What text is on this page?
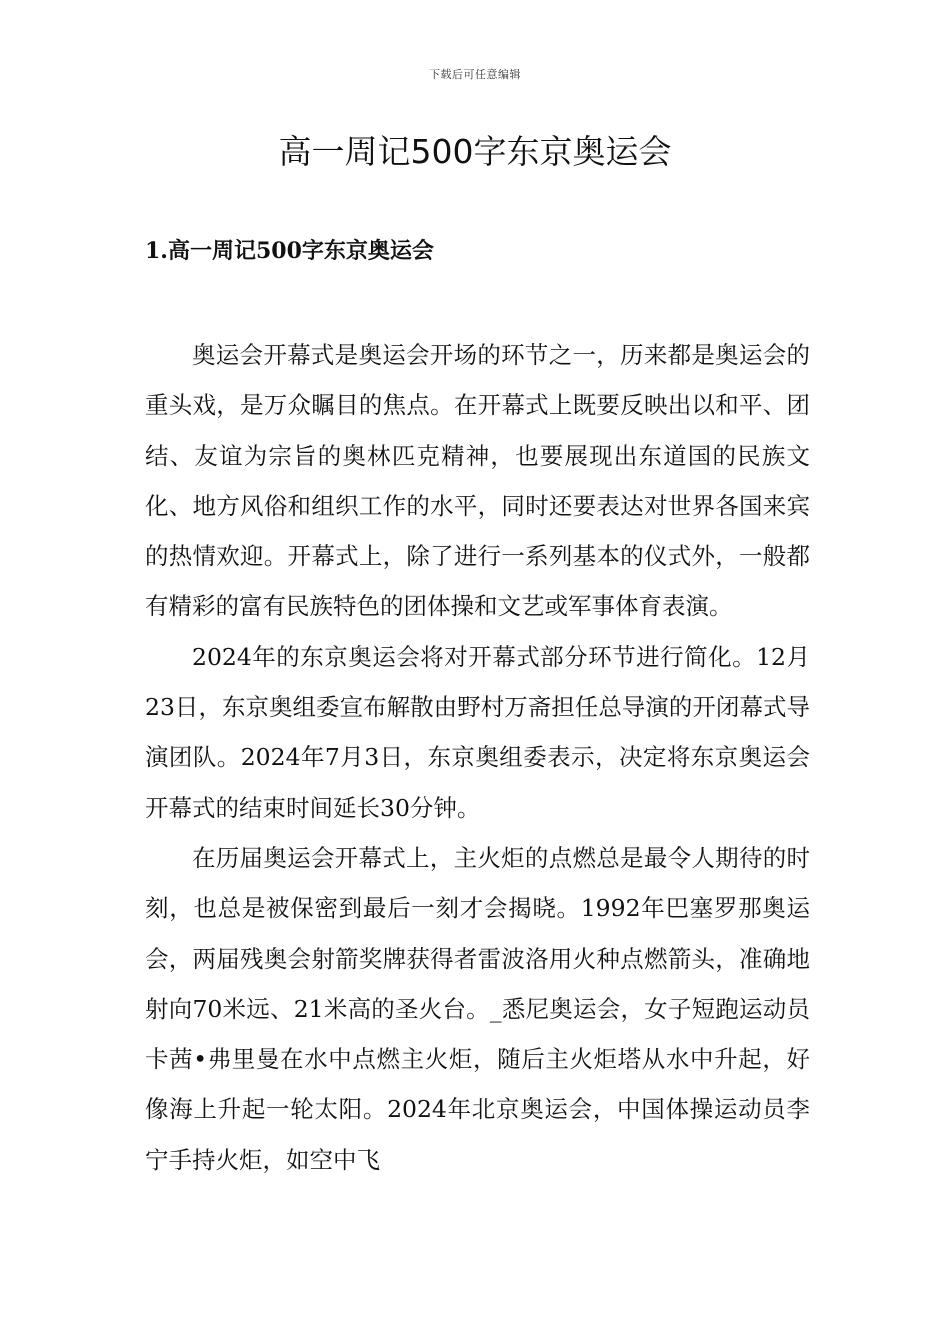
下载后可任意编辑
高一周记500字东京奥运会
1.高一周记500字东京奥运会

奥运会开幕式是奥运会开场的环节之一，历来都是奥运会的重头戏，是万众瞩目的焦点。在开幕式上既要反映出以和平、团结、友谊为宗旨的奥林匹克精神，也要展现出东道国的民族文化、地方风俗和组织工作的水平，同时还要表达对世界各国来宾的热情欢迎。开幕式上，除了进行一系列基本的仪式外，一般都有精彩的富有民族特色的团体操和文艺或军事体育表演。

2024年的东京奥运会将对开幕式部分环节进行简化。12月23日，东京奥组委宣布解散由野村万斋担任总导演的开闭幕式导演团队。2024年7月3日，东京奥组委表示，决定将东京奥运会开幕式的结束时间延长30分钟。

在历届奥运会开幕式上，主火炬的点燃总是最令人期待的时刻，也总是被保密到最后一刻才会揭晓。1992年巴塞罗那奥运会，两届残奥会射箭奖牌获得者雷波洛用火种点燃箭头，准确地射向70米远、21米高的圣火台。_悉尼奥运会，女子短跑运动员卡茜•弗里曼在水中点燃主火炬，随后主火炬塔从水中升起，好像海上升起一轮太阳。2024年北京奥运会，中国体操运动员李宁手持火炬，如空中飞
